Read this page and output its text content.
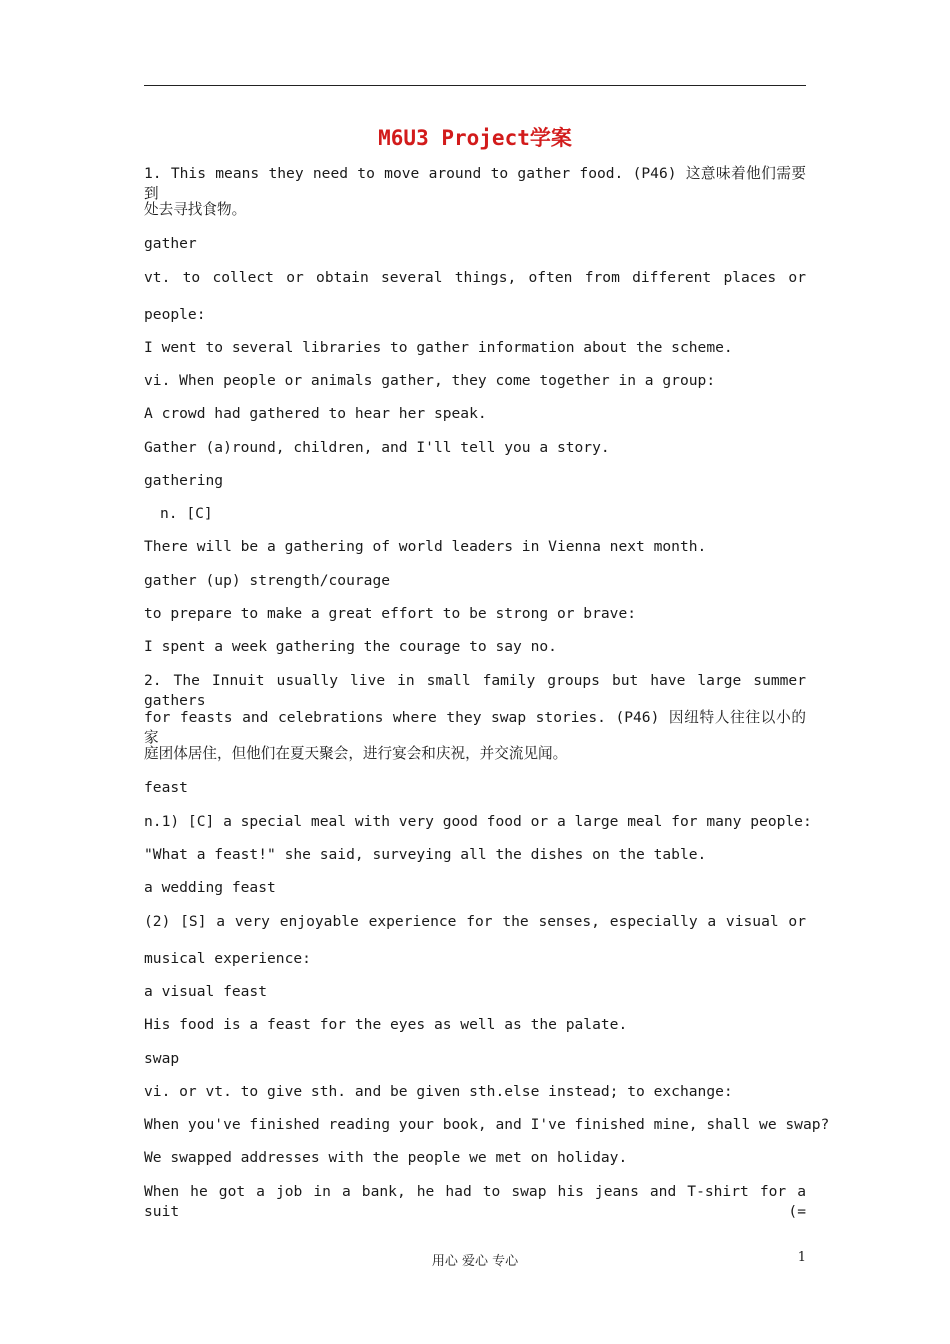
M6U3 Project学案
1. This means they need to move around to gather food. (P46) 这意味着他们需要到
处去寻找食物。
gather
vt. to collect or obtain several things, often from different places or
people:
I went to several libraries to gather information about the scheme.
vi. When people or animals gather, they come together in a group:
A crowd had gathered to hear her speak.
Gather (a)round, children, and I'll tell you a story.
gathering
n. [C]
There will be a gathering of world leaders in Vienna next month.
gather (up) strength/courage
to prepare to make a great effort to be strong or brave:
I spent a week gathering the courage to say no.
2. The Innuit usually live in small family groups but have large summer gathers
for feasts and celebrations where they swap stories. (P46) 因纽特人往往以小的家
庭团体居住，但他们在夏天聚会，进行宴会和庆祝，并交流见闻。
feast
n.1) [C] a special meal with very good food or a large meal for many people:
"What a feast!" she said, surveying all the dishes on the table.
a wedding feast
(2) [S] a very enjoyable experience for the senses, especially a visual or
musical experience:
a visual feast
His food is a feast for the eyes as well as the palate.
swap
vi. or vt. to give sth. and be given sth.else instead; to exchange:
When you've finished reading your book, and I've finished mine, shall we swap?
We swapped addresses with the people we met on holiday.
When he got a job in a bank, he had to swap his jeans and T-shirt for a suit (=
用心 爱心 专心	1
